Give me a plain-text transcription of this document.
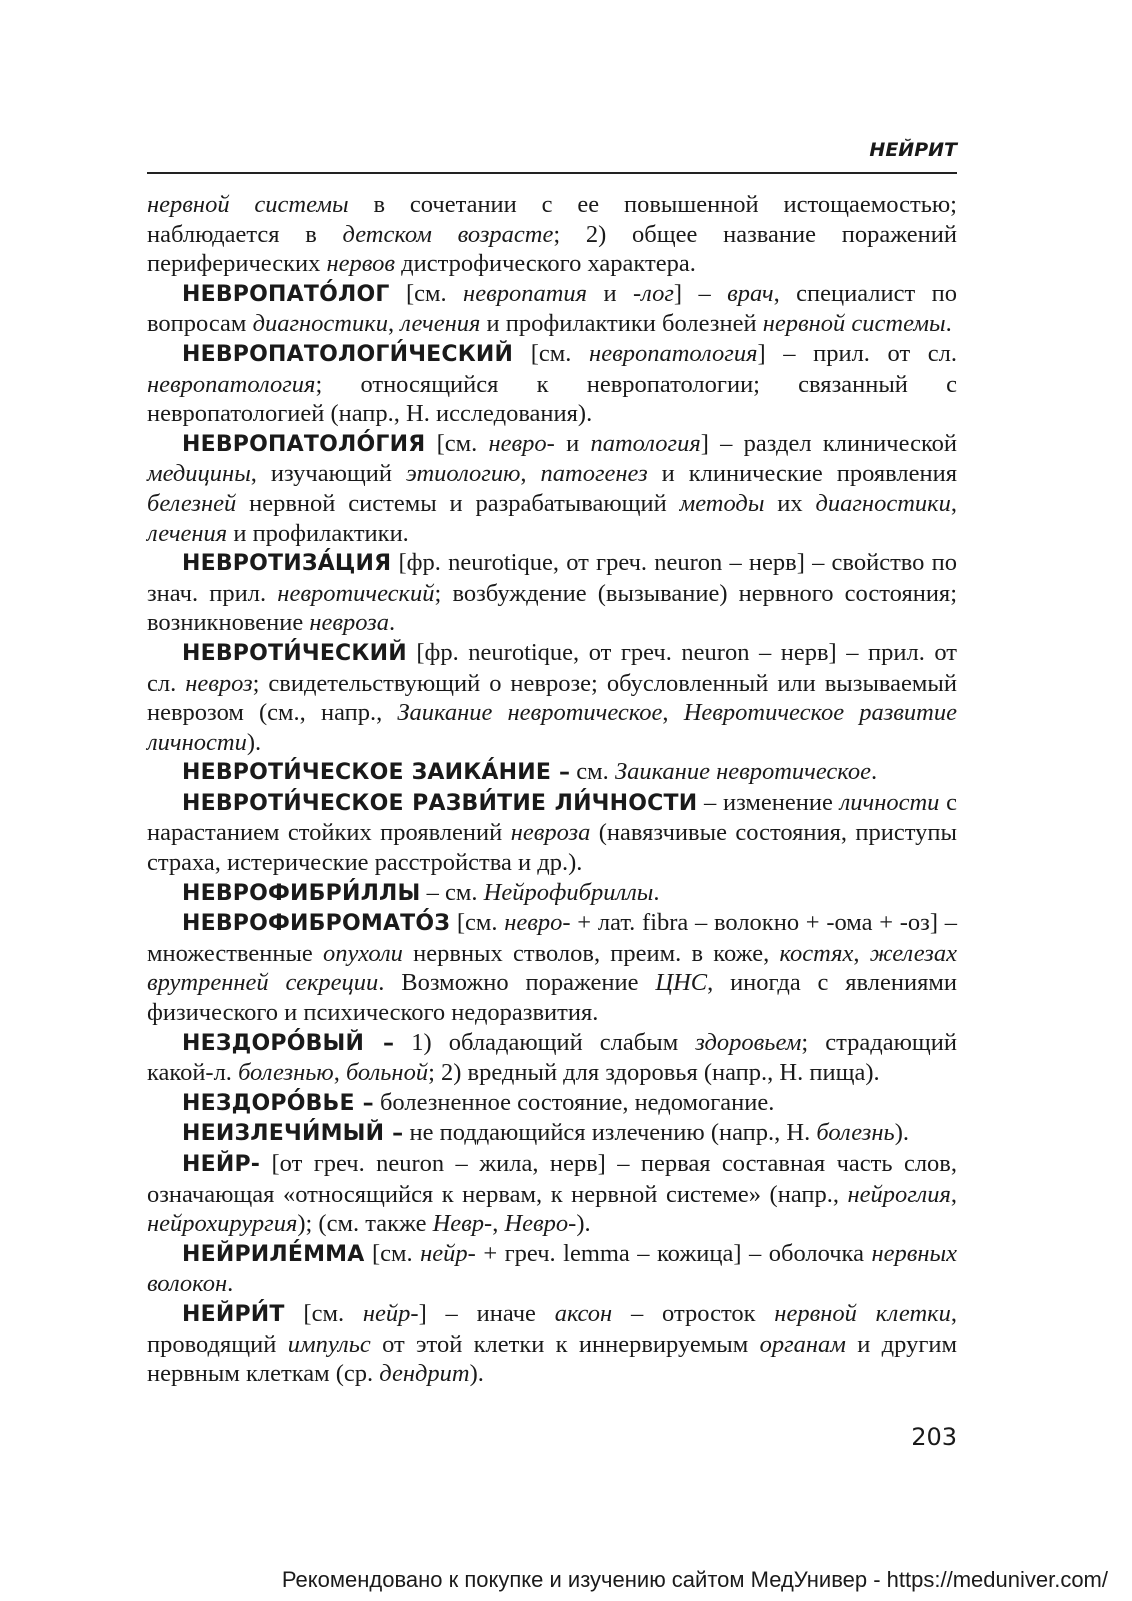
НЕЙРИТ

нервной системы в сочетании с ее повышенной истощаемостью; наблюдается в детском возрасте; 2) общее название поражений периферических нервов дистрофического характера.

НЕВРОПАТО́ЛОГ [см. невропатия и -лог] – врач, специалист по вопросам диагностики, лечения и профилактики болезней нервной системы.

НЕВРОПАТОЛОГИ́ЧЕСКИЙ [см. невропатология] – прил. от сл. невропатология; относящийся к невропатологии; связанный с невропатологией (напр., Н. исследования).

НЕВРОПАТОЛО́ГИЯ [см. невро- и патология] – раздел клинической медицины, изучающий этиологию, патогенез и клинические проявления белезней нервной системы и разрабатывающий методы их диагностики, лечения и профилактики.

НЕВРОТИЗА́ЦИЯ [фр. neurotique, от греч. neuron – нерв] – свойство по знач. прил. невротический; возбуждение (вызывание) нервного состояния; возникновение невроза.

НЕВРОТИ́ЧЕСКИЙ [фр. neurotique, от греч. neuron – нерв] – прил. от сл. невроз; свидетельствующий о неврозе; обусловленный или вызываемый неврозом (см., напр., Заикание невротическое, Невротическое развитие личности).

НЕВРОТИ́ЧЕСКОЕ ЗАИКА́НИЕ – см. Заикание невротическое.

НЕВРОТИ́ЧЕСКОЕ РАЗВИ́ТИЕ ЛИ́ЧНОСТИ – изменение личности с нарастанием стойких проявлений невроза (навязчивые состояния, приступы страха, истерические расстройства и др.).

НЕВРОФИБРИ́ЛЛЫ – см. Нейрофибриллы.

НЕВРОФИБРОМАТО́З [см. невро- + лат. fibra – волокно + -ома + -оз] – множественные опухоли нервных стволов, преим. в коже, костях, железах врутренней секреции. Возможно поражение ЦНС, иногда с явлениями физического и психического недоразвития.

НЕЗДОРО́ВЫЙ – 1) обладающий слабым здоровьем; страдающий какой-л. болезнью, больной; 2) вредный для здоровья (напр., Н. пища).

НЕЗДОРО́ВЬЕ – болезненное состояние, недомогание.

НЕИЗЛЕЧИ́МЫЙ – не поддающийся излечению (напр., Н. болезнь).

НЕЙР- [от греч. neuron – жила, нерв] – первая составная часть слов, означающая «относящийся к нервам, к нервной системе» (напр., нейроглия, нейрохирургия); (см. также Невр-, Невро-).

НЕЙРИЛЕ́ММА [см. нейр- + греч. lemma – кожица] – оболочка нервных волокон.

НЕЙРИ́Т [см. нейр-] – иначе аксон – отросток нервной клетки, проводящий импульс от этой клетки к иннервируемым органам и другим нервным клеткам (ср. дендрит).

203
Рекомендовано к покупке и изучению сайтом МедУнивер - https://meduniver.com/
